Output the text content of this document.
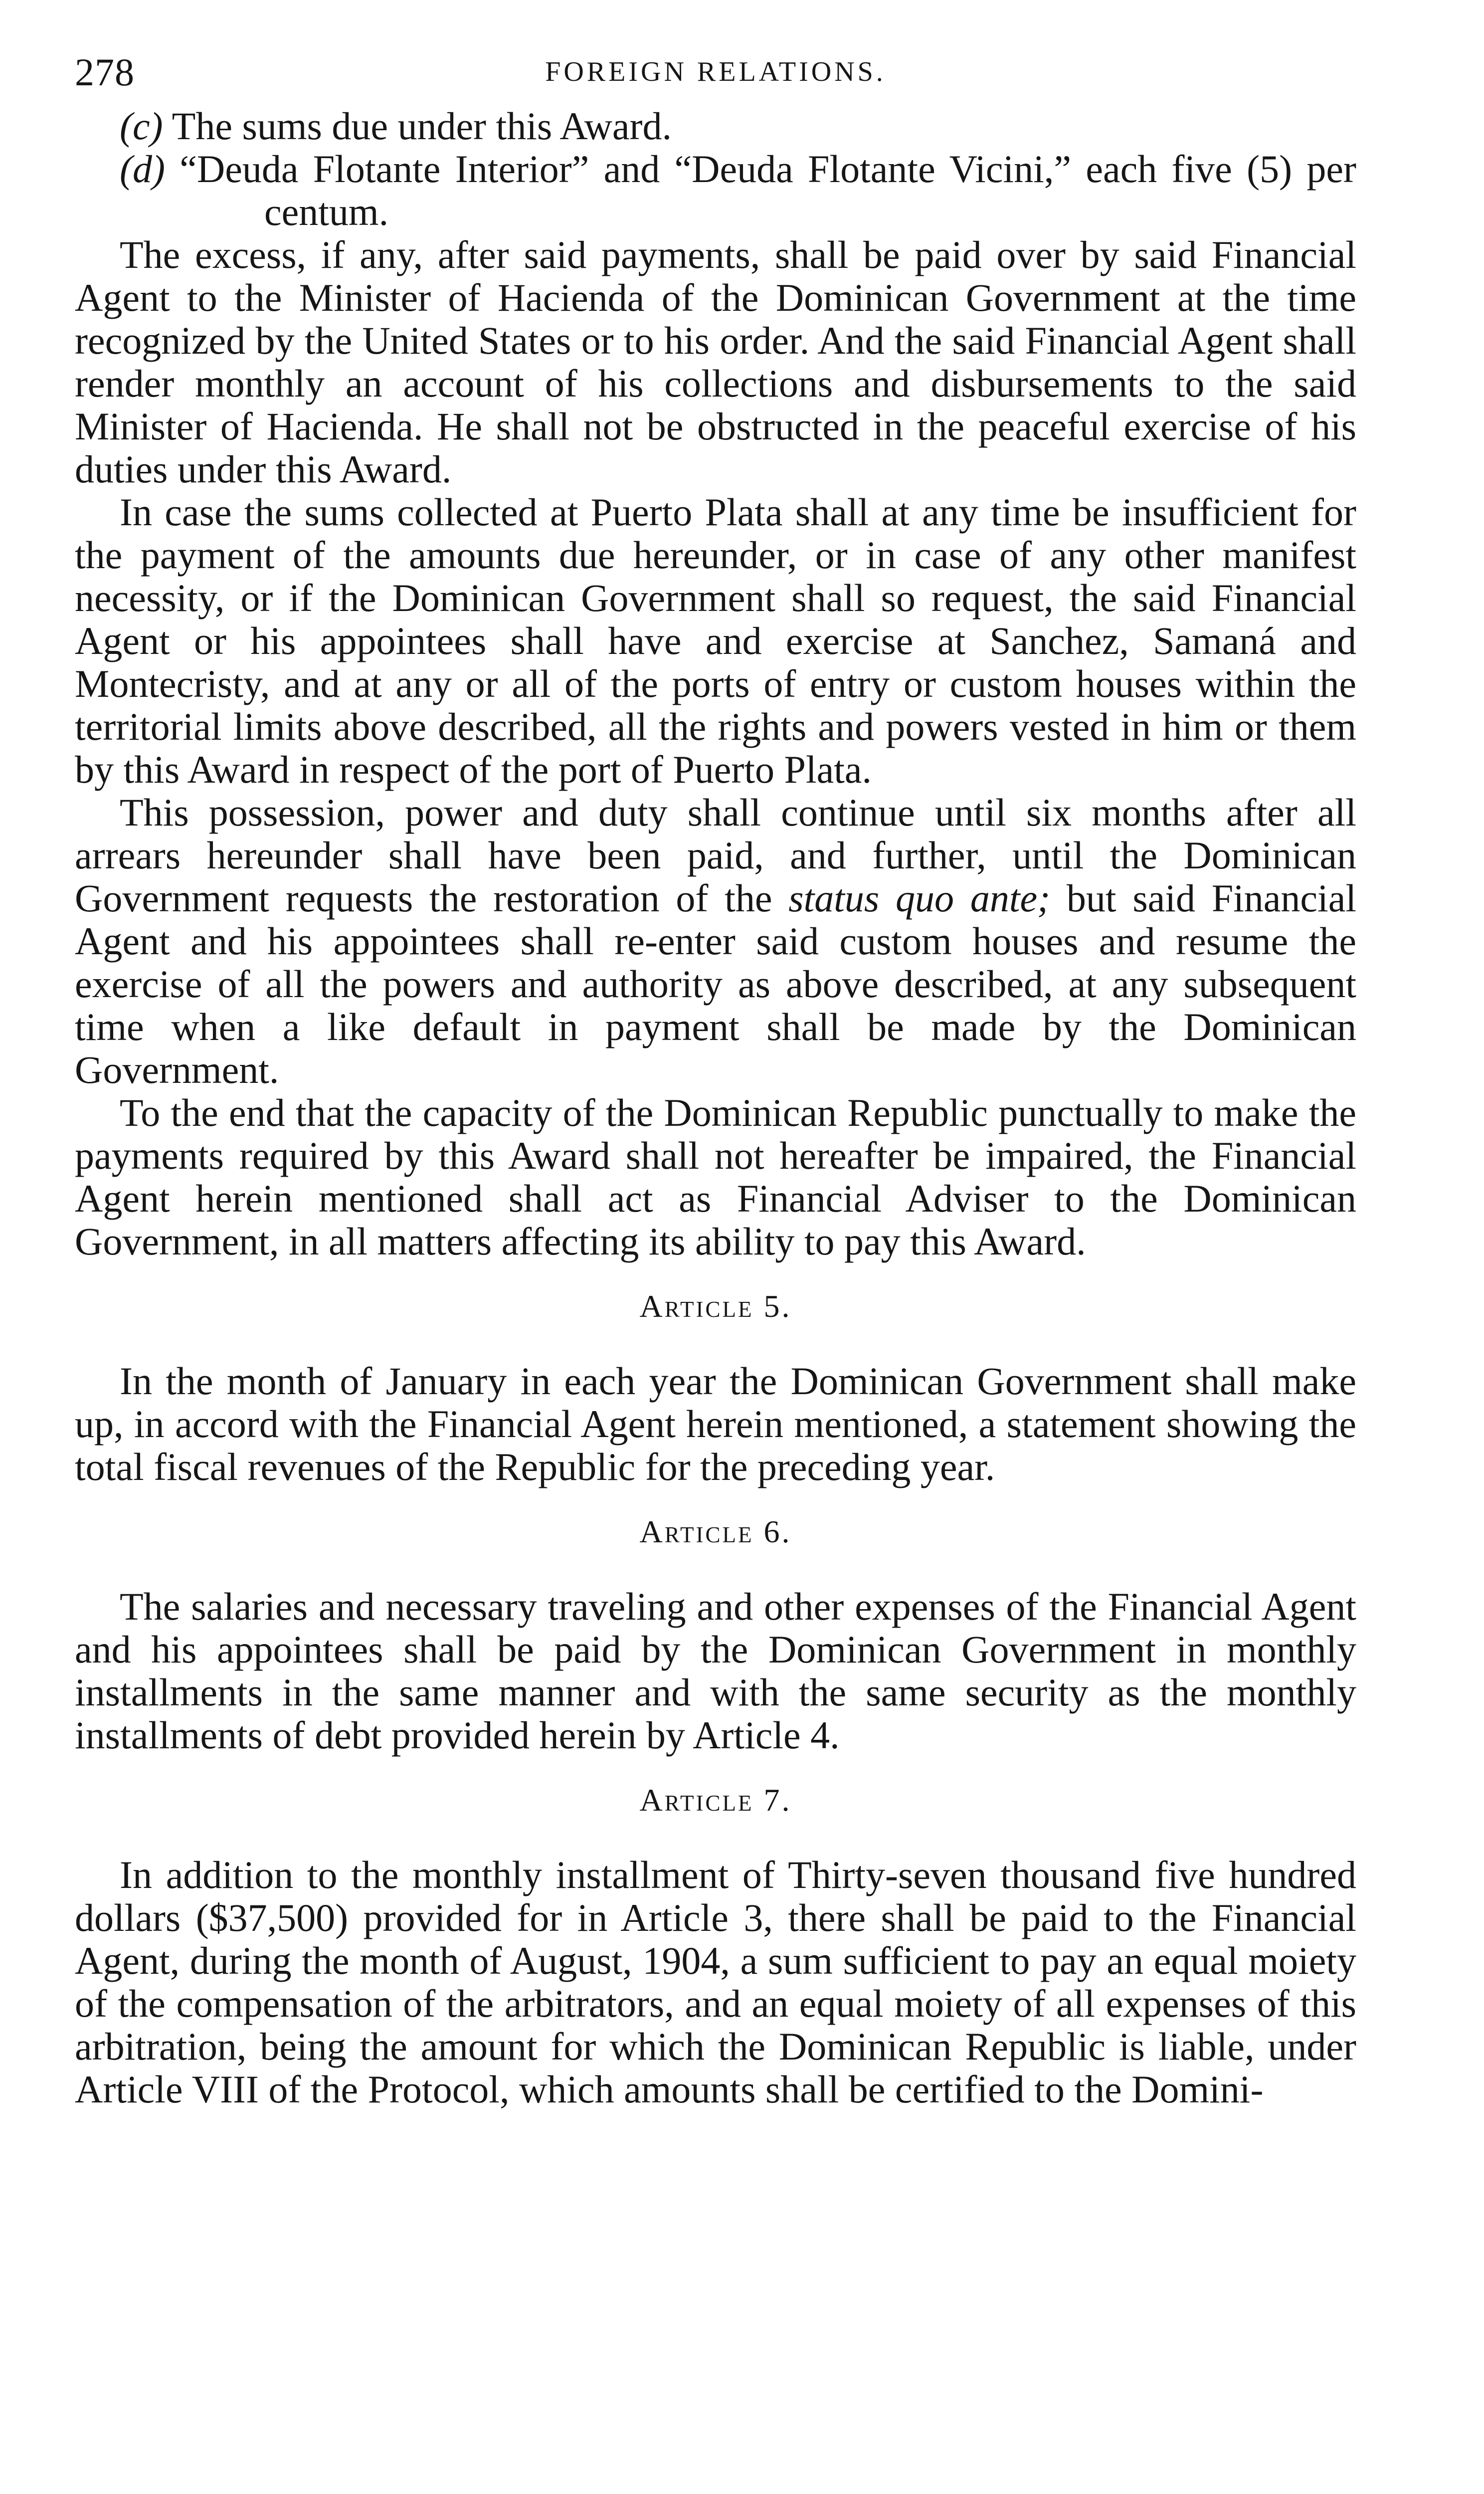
278	FOREIGN RELATIONS.

(c) The sums due under this Award.

(d) “Deuda Flotante Interior” and “Deuda Flotante Vicini,” each five (5) per centum.

The excess, if any, after said payments, shall be paid over by said Financial Agent to the Minister of Hacienda of the Dominican Government at the time recognized by the United States or to his order. And the said Financial Agent shall render monthly an account of his collections and disbursements to the said Minister of Hacienda. He shall not be obstructed in the peaceful exercise of his duties under this Award.

In case the sums collected at Puerto Plata shall at any time be insufficient for the payment of the amounts due hereunder, or in case of any other manifest necessity, or if the Dominican Government shall so request, the said Financial Agent or his appointees shall have and exercise at Sanchez, Samaná and Montecristy, and at any or all of the ports of entry or custom houses within the territorial limits above described, all the rights and powers vested in him or them by this Award in respect of the port of Puerto Plata.

This possession, power and duty shall continue until six months after all arrears hereunder shall have been paid, and further, until the Dominican Government requests the restoration of the status quo ante; but said Financial Agent and his appointees shall re-enter said custom houses and resume the exercise of all the powers and authority as above described, at any subsequent time when a like default in payment shall be made by the Dominican Government.

To the end that the capacity of the Dominican Republic punctually to make the payments required by this Award shall not hereafter be impaired, the Financial Agent herein mentioned shall act as Financial Adviser to the Dominican Government, in all matters affecting its ability to pay this Award.

Article 5.

In the month of January in each year the Dominican Government shall make up, in accord with the Financial Agent herein mentioned, a statement showing the total fiscal revenues of the Republic for the preceding year.

Article 6.

The salaries and necessary traveling and other expenses of the Financial Agent and his appointees shall be paid by the Dominican Government in monthly installments in the same manner and with the same security as the monthly installments of debt provided herein by Article 4.

Article 7.

In addition to the monthly installment of Thirty-seven thousand five hundred dollars ($37,500) provided for in Article 3, there shall be paid to the Financial Agent, during the month of August, 1904, a sum sufficient to pay an equal moiety of the compensation of the arbitrators, and an equal moiety of all expenses of this arbitration, being the amount for which the Dominican Republic is liable, under Article VIII of the Protocol, which amounts shall be certified to the Domini-
